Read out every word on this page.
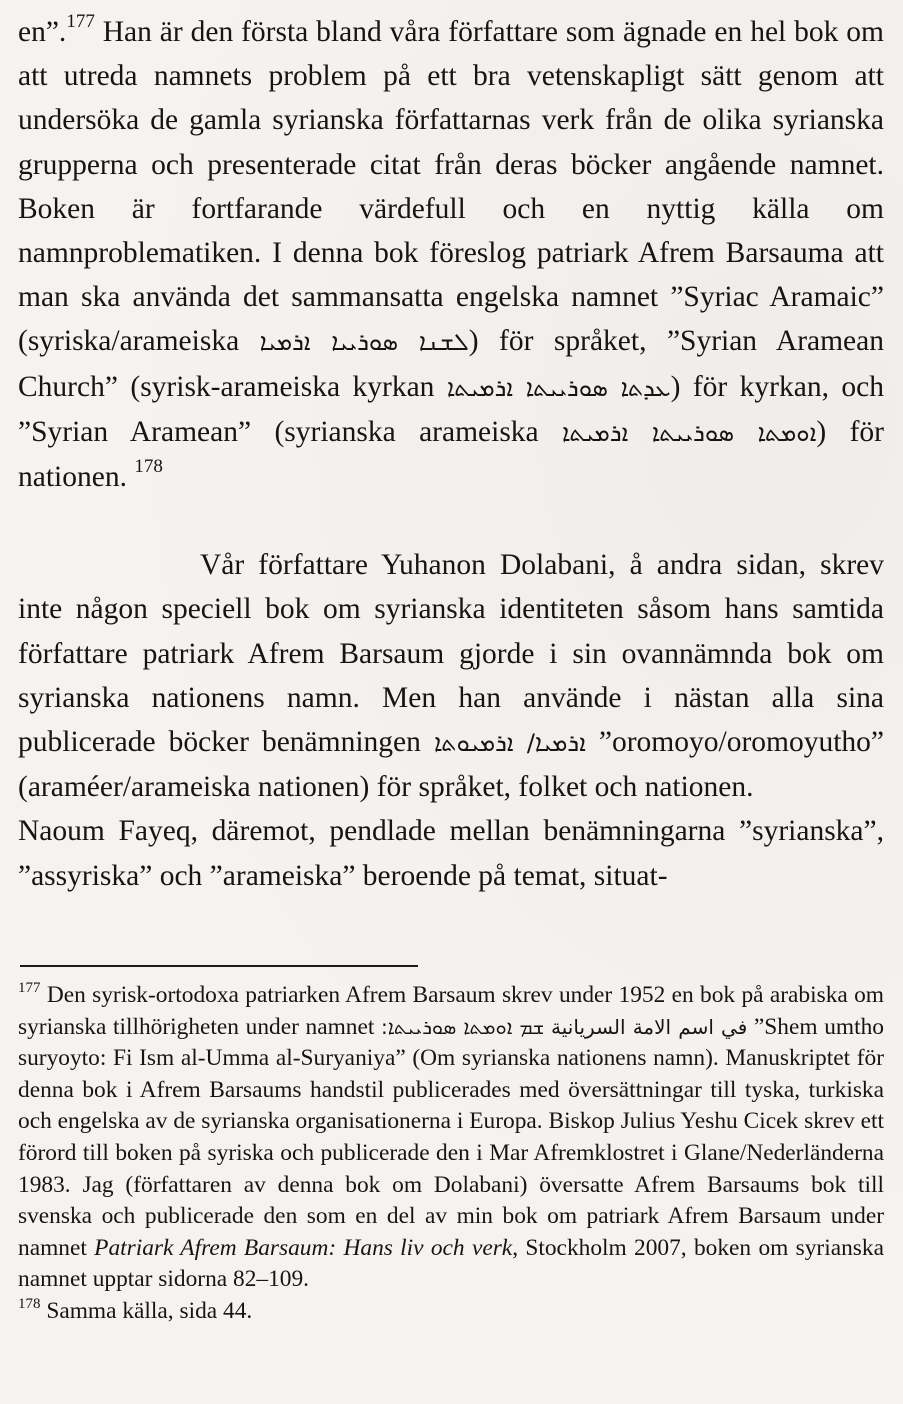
en”.$^{177}$ Han är den första bland våra författare som ägnade en hel bok om att utreda namnets problem på ett bra vetenskapligt sätt genom att undersöka de gamla syrianska författarnas verk från de olika syrianska grupperna och presenterade citat från deras böcker angående namnet. Boken är fortfarande värdefull och en nyttig källa om namnproblematiken. I denna bok föreslog patriark Afrem Barsauma att man ska använda det sammansatta engelska namnet ”Syriac Aramaic” (syriska/arameiska ܠܫܢܐ ܣܘܪܝܝܐ ܐܪܡܝܐ) för språket, ”Syrian Aramean Church” (syrisk-arameiska kyrkan ܥܕܬܐ ܣܘܪܝܝܬܐ ܐܪܡܝܬܐ) för kyrkan, och ”Syrian Aramean” (syrianska arameiska ܐܘܡܬܐ ܣܘܪܝܝܬܐ ܐܪܡܝܬܐ) för nationen. $^{178}$

Vår författare Yuhanon Dolabani, å andra sidan, skrev inte någon speciell bok om syrianska identiteten såsom hans samtida författare patriark Afrem Barsaum gjorde i sin ovannämnda bok om syrianska nationens namn. Men han använde i nästan alla sina publicerade böcker benämningen ܐܪܡܝܐ/ ܐܪܡܝܘܬܐ ”oromoyo/oromoyutho” (araméer/arameiska nationen) för språket, folket och nationen.

Naoum Fayeq, däremot, pendlade mellan benämningarna ”syrianska”, ”assyriska” och ”arameiska” beroende på temat, situat-

$^{177}$ Den syrisk-ortodoxa patriarken Afrem Barsaum skrev under 1952 en bok på arabiska om syrianska tillhörigheten under namnet ܫܡ ܐܘܡܬܐ ܣܘܪܝܝܬܐ: في اسم الامة السريانية ”Shem umtho suryoyto: Fi Ism al-Umma al-Suryaniya” (Om syrianska nationens namn). Manuskriptet för denna bok i Afrem Barsaums handstil publicerades med översättningar till tyska, turkiska och engelska av de syrianska organisationerna i Europa. Biskop Julius Yeshu Cicek skrev ett förord till boken på syriska och publicerade den i Mar Afremklostret i Glane/Nederländerna 1983. Jag (författaren av denna bok om Dolabani) översatte Afrem Barsaums bok till svenska och publicerade den som en del av min bok om patriark Afrem Barsaum under namnet Patriark Afrem Barsaum: Hans liv och verk, Stockholm 2007, boken om syrianska namnet upptar sidorna 82–109.

$^{178}$ Samma källa, sida 44.
